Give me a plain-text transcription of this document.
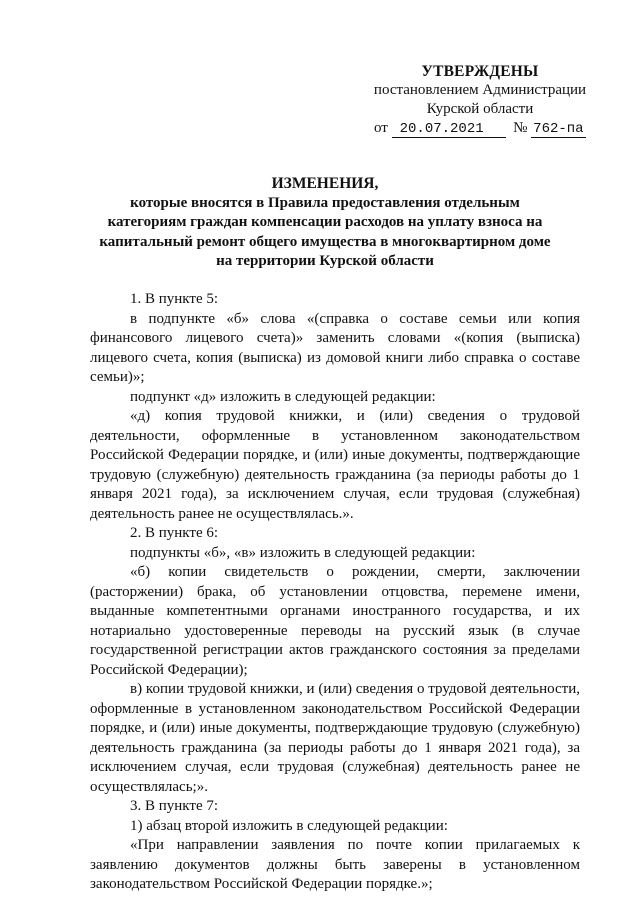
УТВЕРЖДЕНЫ
постановлением Администрации
Курской области
от 20.07.2021 № 762-па
ИЗМЕНЕНИЯ,
которые вносятся в Правила предоставления отдельным категориям граждан компенсации расходов на уплату взноса на капитальный ремонт общего имущества в многоквартирном доме на территории Курской области

1. В пункте 5:

в подпункте «б» слова «(справка о составе семьи или копия финансового лицевого счета)» заменить словами «(копия (выписка) лицевого счета, копия (выписка) из домовой книги либо справка о составе семьи)»;

подпункт «д» изложить в следующей редакции:

«д) копия трудовой книжки, и (или) сведения о трудовой деятельности, оформленные в установленном законодательством Российской Федерации порядке, и (или) иные документы, подтверждающие трудовую (служебную) деятельность гражданина (за периоды работы до 1 января 2021 года), за исключением случая, если трудовая (служебная) деятельность ранее не осуществлялась.».

2. В пункте 6:

подпункты «б», «в» изложить в следующей редакции:

«б) копии свидетельств о рождении, смерти, заключении (расторжении) брака, об установлении отцовства, перемене имени, выданные компетентными органами иностранного государства, и их нотариально удостоверенные переводы на русский язык (в случае государственной регистрации актов гражданского состояния за пределами Российской Федерации);

в) копии трудовой книжки, и (или) сведения о трудовой деятельности, оформленные в установленном законодательством Российской Федерации порядке, и (или) иные документы, подтверждающие трудовую (служебную) деятельность гражданина (за периоды работы до 1 января 2021 года), за исключением случая, если трудовая (служебная) деятельность ранее не осуществлялась;».

3. В пункте 7:

1) абзац второй изложить в следующей редакции:

«При направлении заявления по почте копии прилагаемых к заявлению документов должны быть заверены в установленном законодательством Российской Федерации порядке.»;
